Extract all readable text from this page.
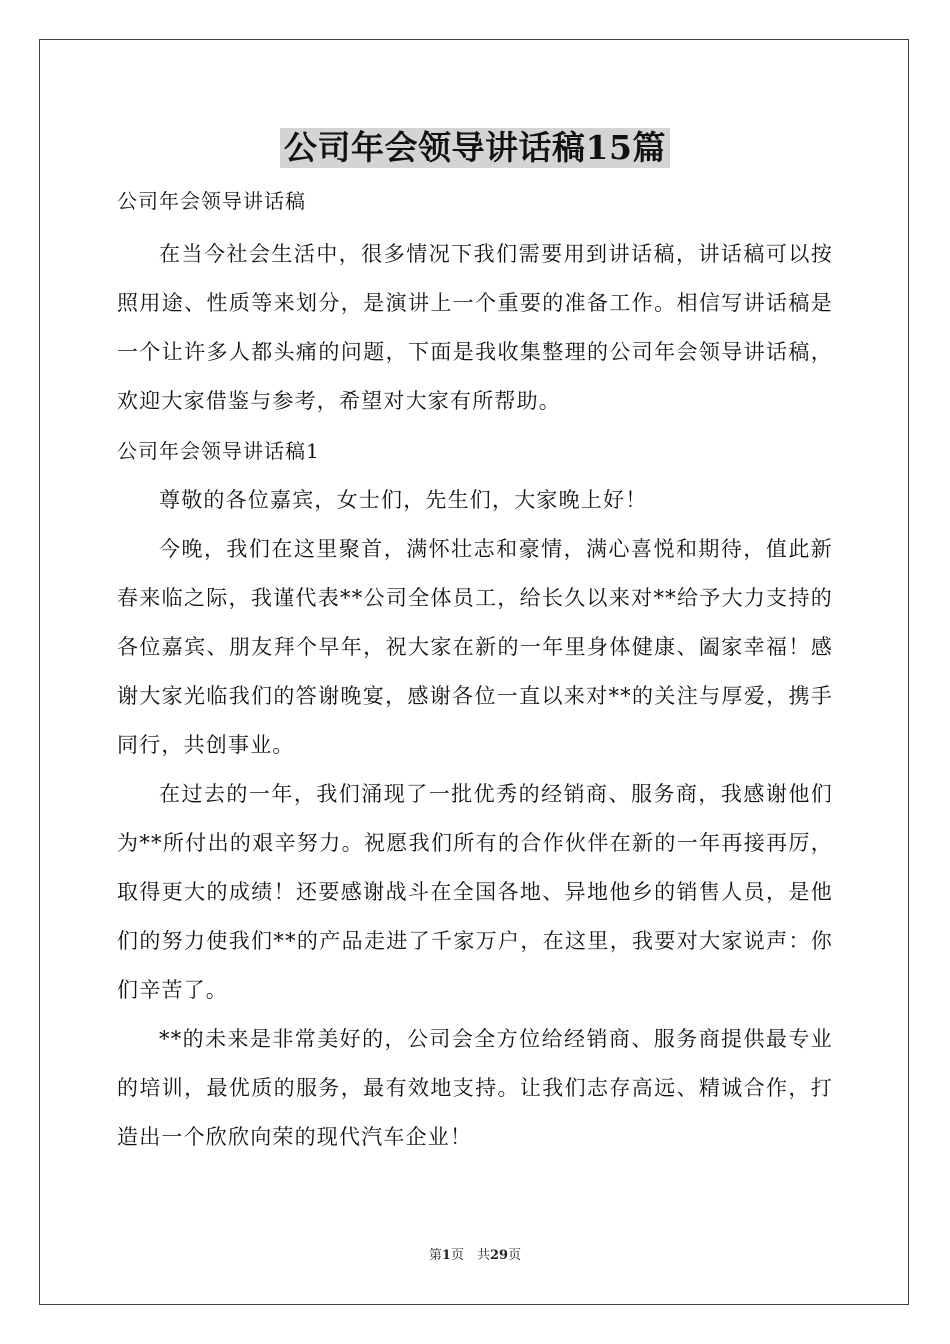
公司年会领导讲话稿15篇

公司年会领导讲话稿

在当今社会生活中，很多情况下我们需要用到讲话稿，讲话稿可以按照用途、性质等来划分，是演讲上一个重要的准备工作。相信写讲话稿是一个让许多人都头痛的问题，下面是我收集整理的公司年会领导讲话稿，欢迎大家借鉴与参考，希望对大家有所帮助。

公司年会领导讲话稿1

尊敬的各位嘉宾，女士们，先生们，大家晚上好！

今晚，我们在这里聚首，满怀壮志和豪情，满心喜悦和期待，值此新春来临之际，我谨代表**公司全体员工，给长久以来对**给予大力支持的各位嘉宾、朋友拜个早年，祝大家在新的一年里身体健康、阖家幸福！感谢大家光临我们的答谢晚宴，感谢各位一直以来对**的关注与厚爱，携手同行，共创事业。

在过去的一年，我们涌现了一批优秀的经销商、服务商，我感谢他们为**所付出的艰辛努力。祝愿我们所有的合作伙伴在新的一年再接再厉，取得更大的成绩！还要感谢战斗在全国各地、异地他乡的销售人员，是他们的努力使我们**的产品走进了千家万户，在这里，我要对大家说声：你们辛苦了。

**的未来是非常美好的，公司会全方位给经销商、服务商提供最专业的培训，最优质的服务，最有效地支持。让我们志存高远、精诚合作，打造出一个欣欣向荣的现代汽车企业！

第1页　共29页
